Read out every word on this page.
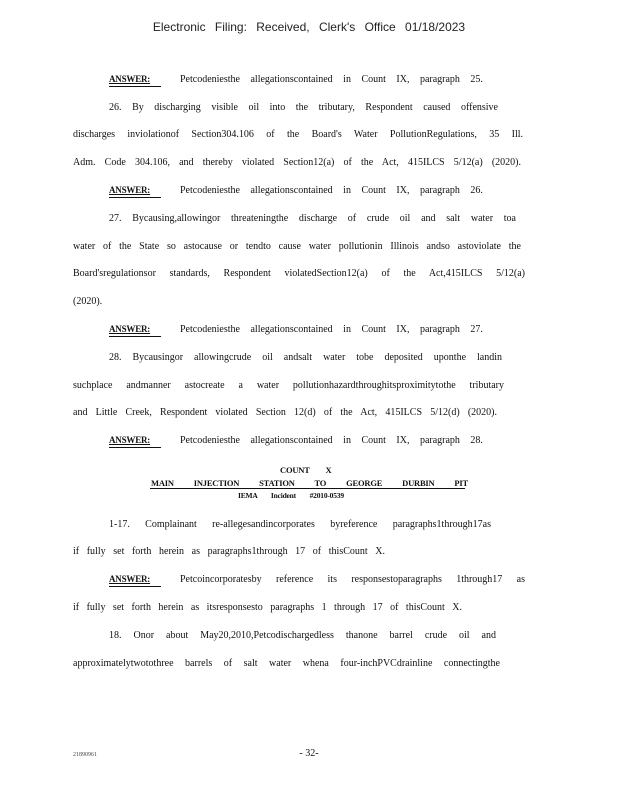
Electronic Filing: Received, Clerk's Office 01/18/2023
ANSWER:	Petcodeniesthe allegationscontained in Count IX, paragraph 25.
26. By discharging visible oil into the tributary, Respondent caused offensive
discharges inviolationof Section304.106 of the Board's Water PollutionRegulations, 35 Ill.
Adm. Code 304.106, and thereby violated Section12(a) of the Act, 415ILCS 5/12(a) (2020).
ANSWER:	Petcodeniesthe allegationscontained in Count IX, paragraph 26.
27. Bycausing,allowingor threateningthe discharge of crude oil and salt water toa
water of the State so astocause or tendto cause water pollutionin Illinois andso astoviolate the
Board'sregulationsor standards, Respondent violatedSection12(a) of the Act,415ILCS 5/12(a)
(2020).
ANSWER:	Petcodeniesthe allegationscontained in Count IX, paragraph 27.
28. Bycausingor allowingcrude oil andsalt water tobe deposited uponthe landin
suchplace andmanner astocreate a water pollutionhazardthroughitsproximitytothe tributary
and Little Creek, Respondent violated Section 12(d) of the Act, 415ILCS 5/12(d) (2020).
ANSWER:	Petcodeniesthe allegationscontained in Count IX, paragraph 28.
COUNT X
MAIN INJECTION STATION TO GEORGE DURBIN PIT
IEMA Incident #2010-0539
1-17. Complainant re-allegesandincorporates byreference paragraphs1through17as
if fully set forth herein as paragraphs1through 17 of thisCount X.
ANSWER:	Petcoincorporatesby reference its responsestoparagraphs 1through17 as
if fully set forth herein as itsresponsesto paragraphs 1 through 17 of thisCount X.
18. Onor about May20,2010,Petcodischargedless thanone barrel crude oil and
approximatelytwotothree barrels of salt water whena four-inchPVCdrainline connectingthe
21890961	- 32-
